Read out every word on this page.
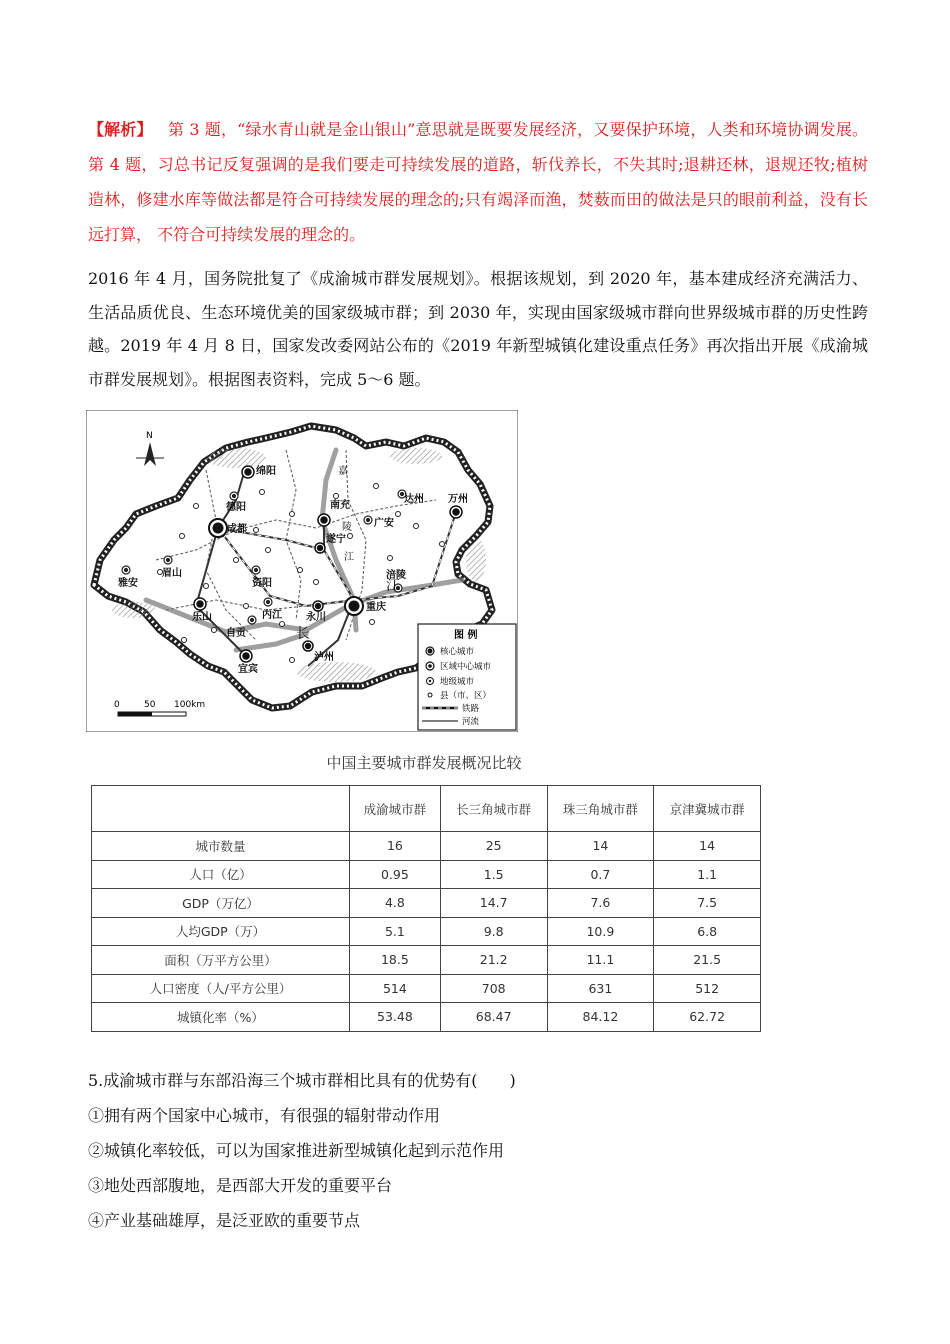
【解析】 第 3 题，“绿水青山就是金山银山”意思就是既要发展经济，又要保护环境，人类和环境协调发展。第 4 题，习总书记反复强调的是我们要走可持续发展的道路，斩伐养长，不失其时;退耕还林，退规还牧;植树造林，修建水库等做法都是符合可持续发展的理念的;只有竭泽而渔，焚薮而田的做法是只的眼前利益，没有长远打算， 不符合可持续发展的理念的。
2016 年 4 月，国务院批复了《成渝城市群发展规划》。根据该规划，到 2020 年，基本建成经济充满活力、生活品质优良、生态环境优美的国家级城市群；到 2030 年，实现由国家级城市群向世界级城市群的历史性跨越。2019 年 4 月 8 日，国家发改委网站公布的《2019 年新型城镇化建设重点任务》再次指出开展《成渝城市群发展规划》。根据图表资料，完成 5～6 题。
N
成都
重庆
绵阳
南充
遂宁
乐山
宜宾
泸州
万州
永川
德阳
达州
广安
资阳
眉山
雅安
内江
自贡
涪陵
嘉
陵
江
长
江
0	50 100km
图 例
核心城市
区域中心城市
地级城市
县（市、区）
铁路
河流
中国主要城市群发展概况比较
	成渝城市群	长三角城市群	珠三角城市群	京津冀城市群
城市数量	16	25	14	14
人口（亿）	0.95	1.5	0.7	1.1
GDP（万亿）	4.8	14.7	7.6	7.5
人均GDP（万）	5.1	9.8	10.9	6.8
面积（万平方公里）	18.5	21.2	11.1	21.5
人口密度（人/平方公里）	514	708	631	512
城镇化率（%）	53.48	68.47	84.12	62.72
5.成渝城市群与东部沿海三个城市群相比具有的优势有(　　)
①拥有两个国家中心城市，有很强的辐射带动作用
②城镇化率较低，可以为国家推进新型城镇化起到示范作用
③地处西部腹地，是西部大开发的重要平台
④产业基础雄厚，是泛亚欧的重要节点
